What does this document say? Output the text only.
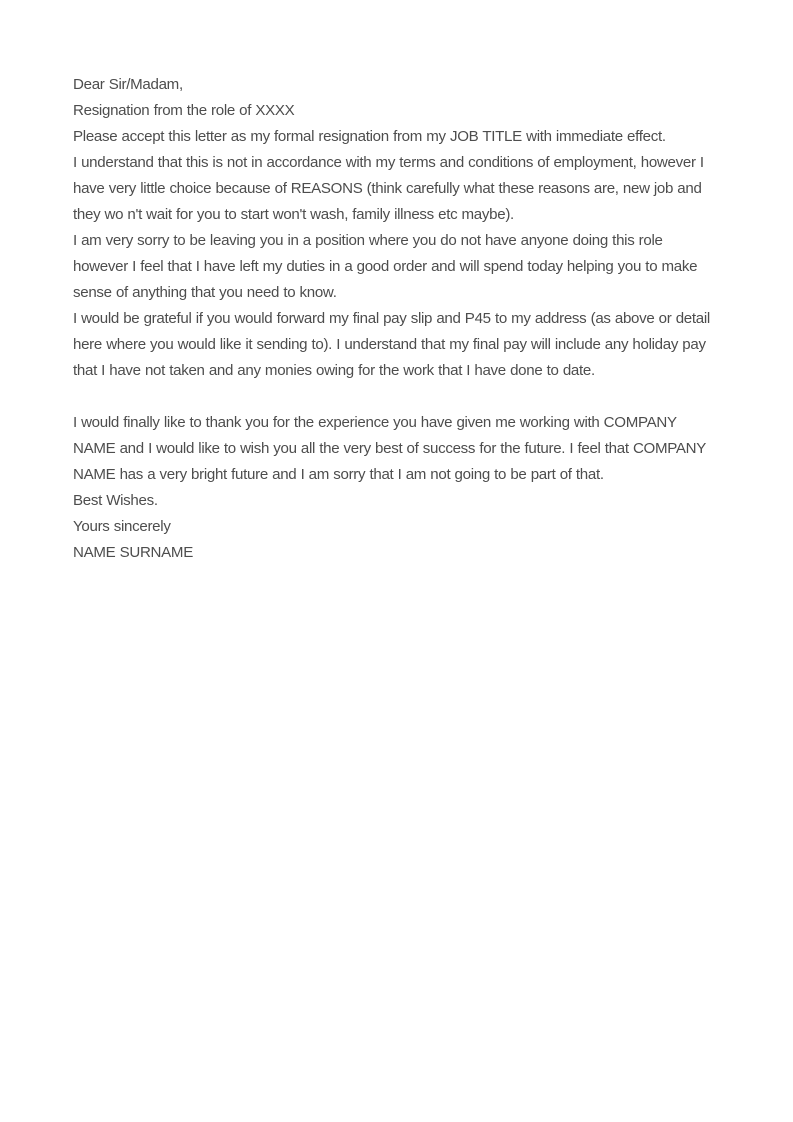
Dear Sir/Madam,

Resignation from the role of XXXX

Please accept this letter as my formal resignation from my JOB TITLE with immediate effect.

I understand that this is not in accordance with my terms and conditions of employment, however I have very little choice because of REASONS (think carefully what these reasons are, new job and they wo n't wait for you to start won't wash, family illness etc maybe).

I am very sorry to be leaving you in a position where you do not have anyone doing this role however I feel that I have left my duties in a good order and will spend today helping you to make sense of anything that you need to know.

I would be grateful if you would forward my final pay slip and P45 to my address (as above or detail here where you would like it sending to). I understand that my final pay will include any holiday pay that I have not taken and any monies owing for the work that I have done to date.

I would finally like to thank you for the experience you have given me working with COMPANY NAME and I would like to wish you all the very best of success for the future. I feel that COMPANY NAME has a very bright future and I am sorry that I am not going to be part of that.

Best Wishes.

Yours sincerely

NAME SURNAME
